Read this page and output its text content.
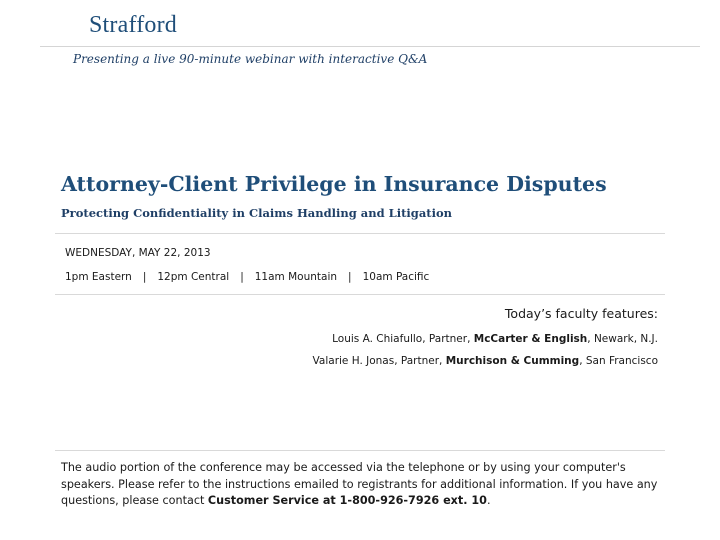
Strafford
Presenting a live 90-minute webinar with interactive Q&A
Attorney-Client Privilege in Insurance Disputes
Protecting Confidentiality in Claims Handling and Litigation
WEDNESDAY, MAY 22, 2013
1pm Eastern | 12pm Central | 11am Mountain | 10am Pacific
Today’s faculty features:
Louis A. Chiafullo, Partner, McCarter & English, Newark, N.J.
Valarie H. Jonas, Partner, Murchison & Cumming, San Francisco
The audio portion of the conference may be accessed via the telephone or by using your computer's speakers. Please refer to the instructions emailed to registrants for additional information. If you have any questions, please contact Customer Service at 1-800-926-7926 ext. 10.
